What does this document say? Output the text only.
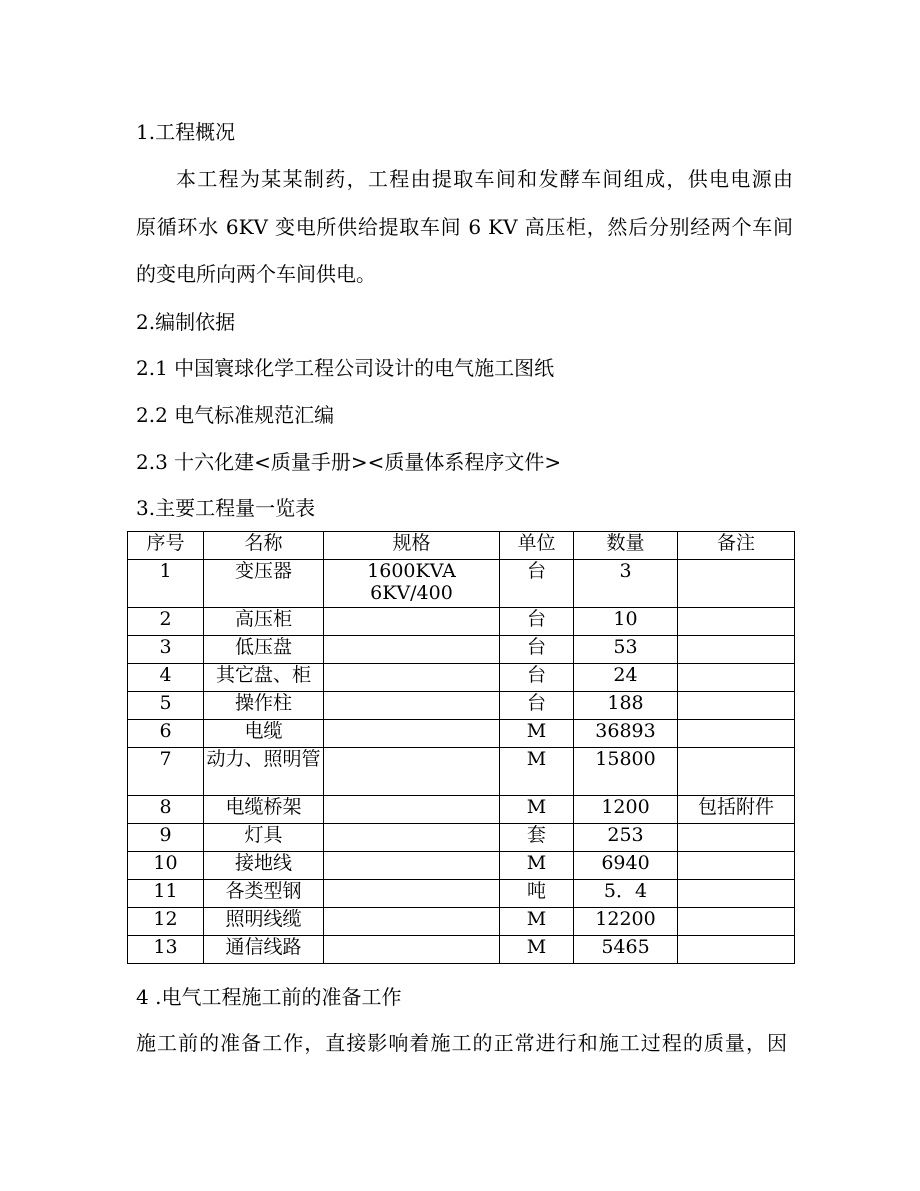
1.工程概况
本工程为某某制药，工程由提取车间和发酵车间组成，供电电源由
原循环水 6KV 变电所供给提取车间 6 KV 高压柜，然后分别经两个车间
的变电所向两个车间供电。
2.编制依据
2.1 中国寰球化学工程公司设计的电气施工图纸
2.2 电气标准规范汇编
2.3 十六化建<质量手册><质量体系程序文件>
3.主要工程量一览表
序号	名称	规格	单位	数量	备注
1	变压器	1600KVA
6KV/400	台	3	
2	高压柜		台	10	
3	低压盘		台	53	
4	其它盘、柜		台	24	
5	操作柱		台	188	
6	电缆		M	36893	
7	动力、照明管		M	15800	
8	电缆桥架		M	1200	包括附件
9	灯具		套	253	
10	接地线		M	6940	
11	各类型钢		吨	5．4	
12	照明线缆		M	12200	
13	通信线路		M	5465	
4 .电气工程施工前的准备工作
施工前的准备工作，直接影响着施工的正常进行和施工过程的质量，因
